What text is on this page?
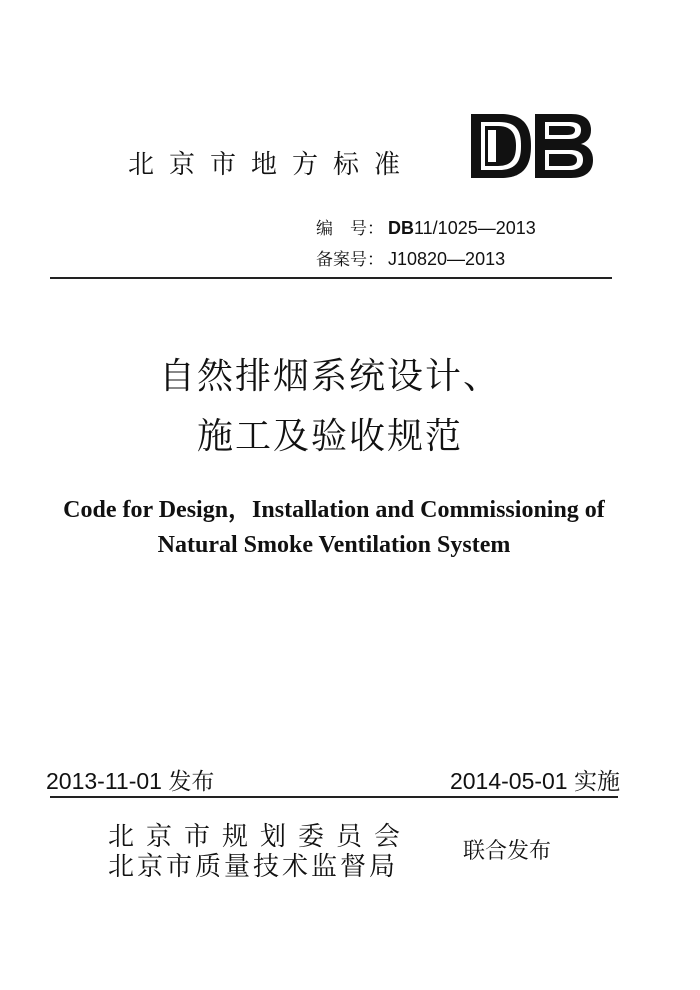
北京市地方标准
DB
编　号： DB11/1025—2013
备案号： J10820—2013
自然排烟系统设计、
施工及验收规范
Code for Design，Installation and Commissioning of
Natural Smoke Ventilation System
2013-11-01 发布	2014-05-01 实施
北京市规划委员会
北京市质量技术监督局
联合发布
